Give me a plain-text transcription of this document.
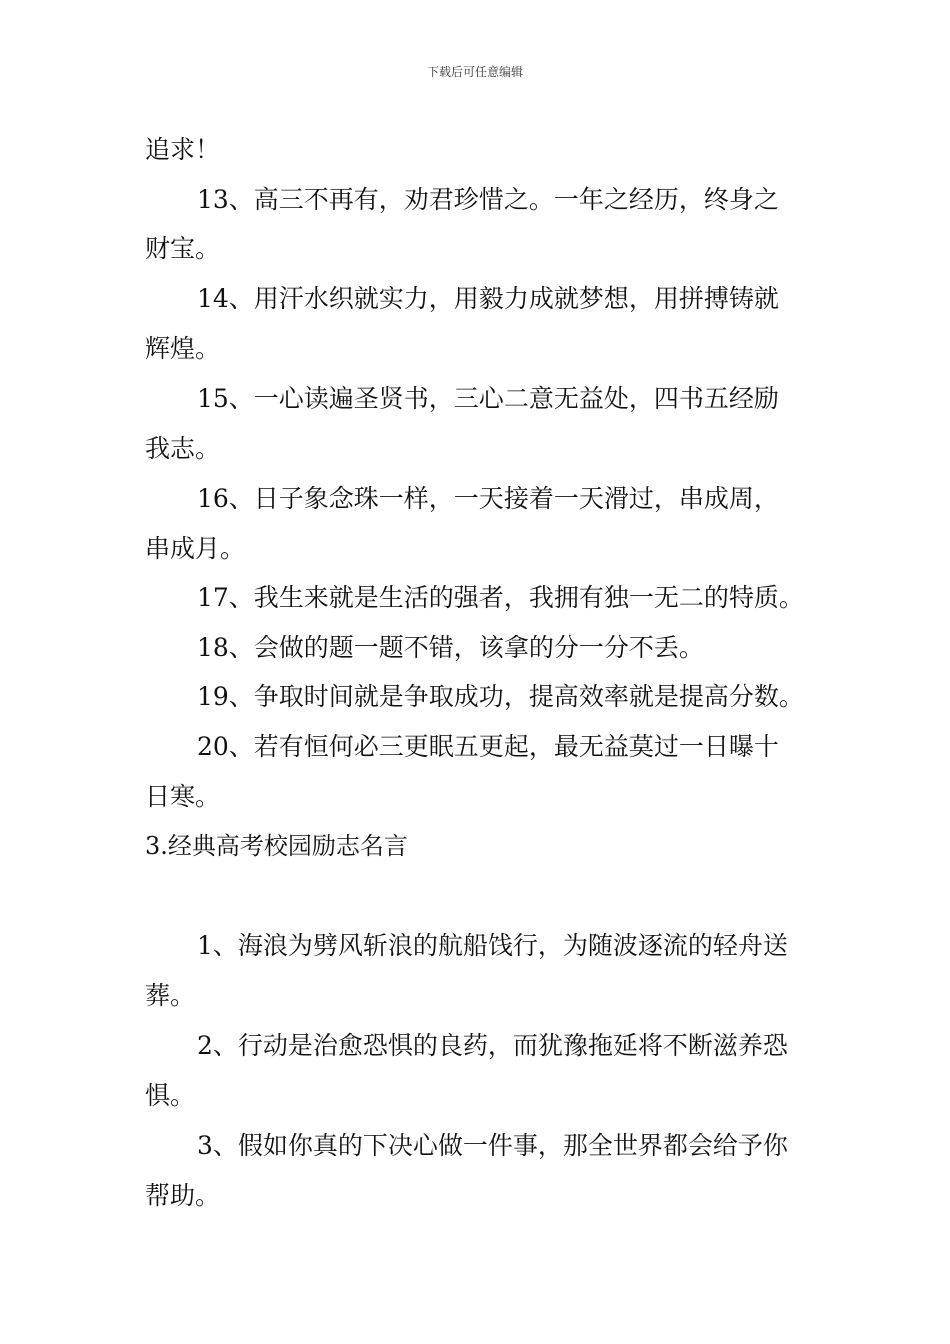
下载后可任意编辑
追求！
13、高三不再有，劝君珍惜之。一年之经历，终身之
财宝。
14、用汗水织就实力，用毅力成就梦想，用拼搏铸就
辉煌。
15、一心读遍圣贤书，三心二意无益处，四书五经励
我志。
16、日子象念珠一样，一天接着一天滑过，串成周，
串成月。
17、我生来就是生活的强者，我拥有独一无二的特质。
18、会做的题一题不错，该拿的分一分不丢。
19、争取时间就是争取成功，提高效率就是提高分数。
20、若有恒何必三更眠五更起，最无益莫过一日曝十
日寒。
3.经典高考校园励志名言
1、海浪为劈风斩浪的航船饯行，为随波逐流的轻舟送
葬。
2、行动是治愈恐惧的良药，而犹豫拖延将不断滋养恐
惧。
3、假如你真的下决心做一件事，那全世界都会给予你
帮助。
